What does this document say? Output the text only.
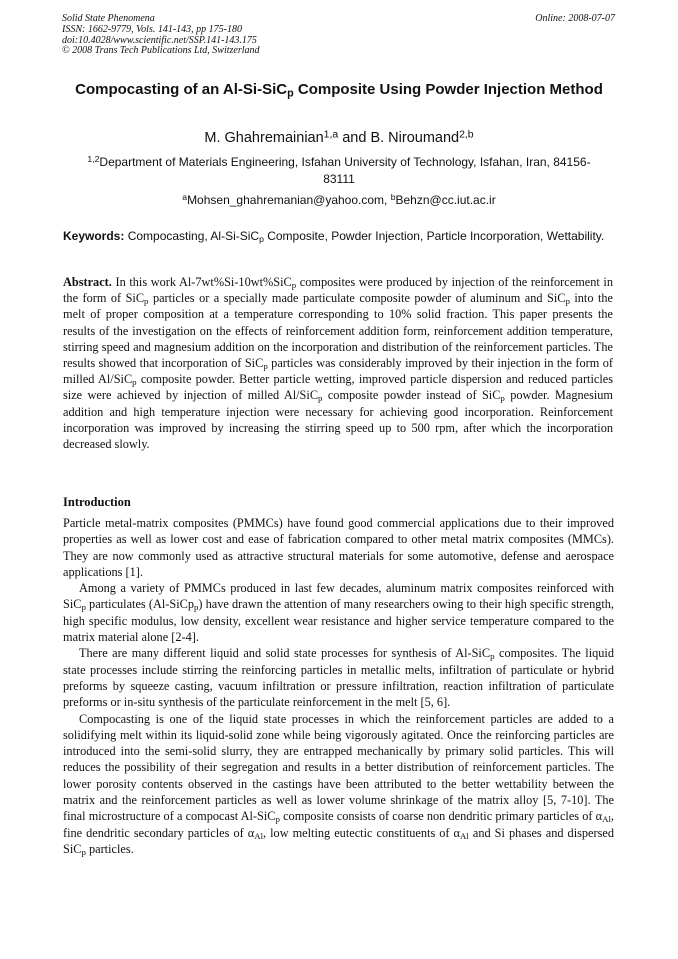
Solid State Phenomena
ISSN: 1662-9779, Vols. 141-143, pp 175-180
doi:10.4028/www.scientific.net/SSP.141-143.175
© 2008 Trans Tech Publications Ltd, Switzerland
Online: 2008-07-07
Compocasting of an Al-Si-SiC$_p$ Composite Using Powder Injection Method
M. Ghahremainian$^{1,a}$ and B. Niroumand$^{2,b}$
$^{1,2}$Department of Materials Engineering, Isfahan University of Technology, Isfahan, Iran, 84156-83111
$^a$Mohsen_ghahremanian@yahoo.com, $^b$Behzn@cc.iut.ac.ir
Keywords: Compocasting, Al-Si-SiC$_p$ Composite, Powder Injection, Particle Incorporation, Wettability.
Abstract. In this work Al-7wt%Si-10wt%SiC$_p$ composites were produced by injection of the reinforcement in the form of SiC$_p$ particles or a specially made particulate composite powder of aluminum and SiC$_p$ into the melt of proper composition at a temperature corresponding to 10% solid fraction. This paper presents the results of the investigation on the effects of reinforcement addition form, reinforcement addition temperature, stirring speed and magnesium addition on the incorporation and distribution of the reinforcement particles. The results showed that incorporation of SiC$_p$ particles was considerably improved by their injection in the form of milled Al/SiC$_p$ composite powder. Better particle wetting, improved particle dispersion and reduced particles size were achieved by injection of milled Al/SiC$_p$ composite powder instead of SiC$_p$ powder. Magnesium addition and high temperature injection were necessary for achieving good incorporation. Reinforcement incorporation was improved by increasing the stirring speed up to 500 rpm, after which the incorporation decreased slowly.
Introduction

Particle metal-matrix composites (PMMCs) have found good commercial applications due to their improved properties as well as lower cost and ease of fabrication compared to other metal matrix composites (MMCs). They are now commonly used as attractive structural materials for some automotive, defense and aerospace applications [1].

Among a variety of PMMCs produced in last few decades, aluminum matrix composites reinforced with SiC$_p$ particulates (Al-SiCp$_p$) have drawn the attention of many researchers owing to their high specific strength, high specific modulus, low density, excellent wear resistance and higher service temperature compared to the matrix material alone [2-4].

There are many different liquid and solid state processes for synthesis of Al-SiC$_p$ composites. The liquid state processes include stirring the reinforcing particles in metallic melts, infiltration of particulate or hybrid preforms by squeeze casting, vacuum infiltration or pressure infiltration, reaction infiltration of particulate preforms or in-situ synthesis of the particulate reinforcement in the melt [5, 6].

Compocasting is one of the liquid state processes in which the reinforcement particles are added to a solidifying melt within its liquid-solid zone while being vigorously agitated. Once the reinforcing particles are introduced into the semi-solid slurry, they are entrapped mechanically by primary solid particles. This will reduces the possibility of their segregation and results in a better distribution of reinforcement particles. The lower porosity contents observed in the castings have been attributed to the better wettability between the matrix and the reinforcement particles as well as lower volume shrinkage of the matrix alloy [5, 7-10]. The final microstructure of a compocast Al-SiC$_p$ composite consists of coarse non dendritic primary particles of $\alpha_{Al}$, fine dendritic secondary particles of $\alpha_{Al}$, low melting eutectic constituents of $\alpha_{Al}$ and Si phases and dispersed SiC$_p$ particles.
